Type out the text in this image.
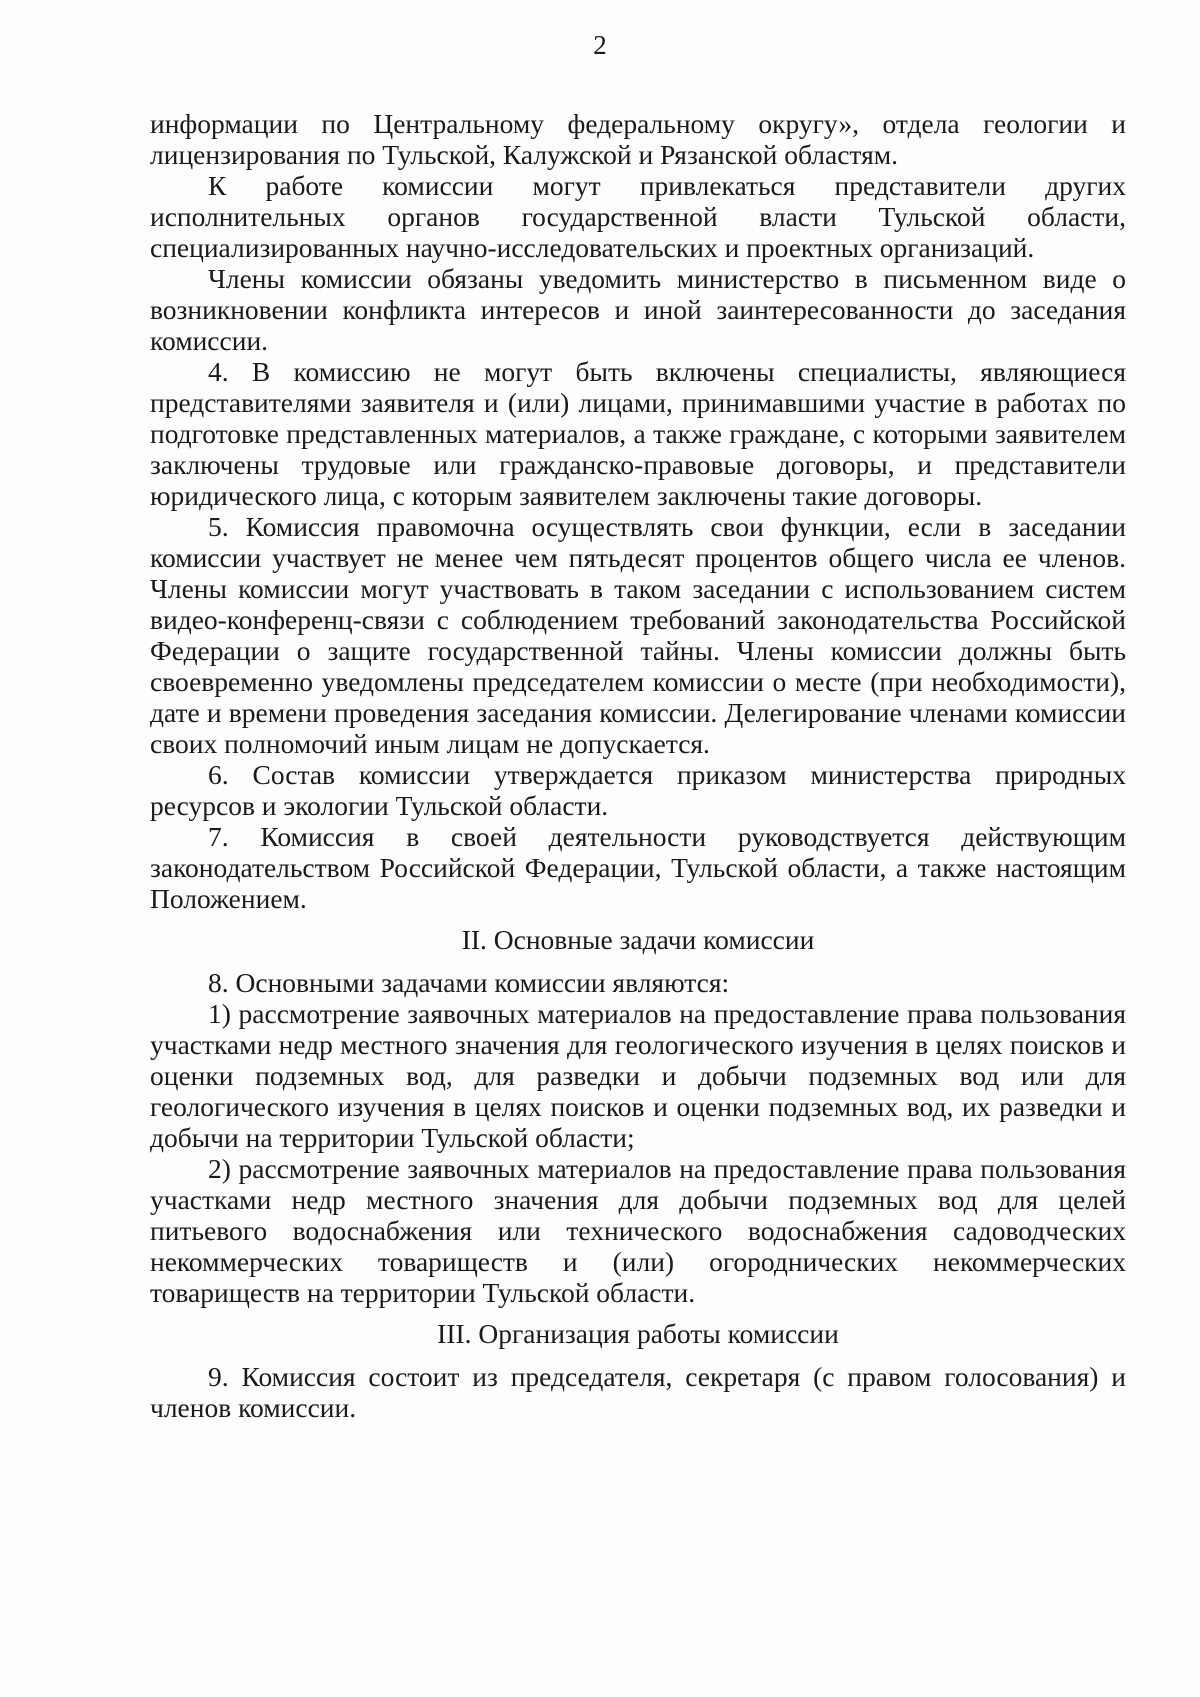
2

информации по Центральному федеральному округу», отдела геологии и лицензирования по Тульской, Калужской и Рязанской областям.

К работе комиссии могут привлекаться представители других исполнительных органов государственной власти Тульской области, специализированных научно-исследовательских и проектных организаций.

Члены комиссии обязаны уведомить министерство в письменном виде о возникновении конфликта интересов и иной заинтересованности до заседания комиссии.

4. В комиссию не могут быть включены специалисты, являющиеся представителями заявителя и (или) лицами, принимавшими участие в работах по подготовке представленных материалов, а также граждане, с которыми заявителем заключены трудовые или гражданско-правовые договоры, и представители юридического лица, с которым заявителем заключены такие договоры.

5. Комиссия правомочна осуществлять свои функции, если в заседании комиссии участвует не менее чем пятьдесят процентов общего числа ее членов. Члены комиссии могут участвовать в таком заседании с использованием систем видео-конференц-связи с соблюдением требований законодательства Российской Федерации о защите государственной тайны. Члены комиссии должны быть своевременно уведомлены председателем комиссии о месте (при необходимости), дате и времени проведения заседания комиссии. Делегирование членами комиссии своих полномочий иным лицам не допускается.

6. Состав комиссии утверждается приказом министерства природных ресурсов и экологии Тульской области.

7. Комиссия в своей деятельности руководствуется действующим законодательством Российской Федерации, Тульской области, а также настоящим Положением.

II. Основные задачи комиссии

8. Основными задачами комиссии являются:

1) рассмотрение заявочных материалов на предоставление права пользования участками недр местного значения для геологического изучения в целях поисков и оценки подземных вод, для разведки и добычи подземных вод или для геологического изучения в целях поисков и оценки подземных вод, их разведки и добычи на территории Тульской области;

2) рассмотрение заявочных материалов на предоставление права пользования участками недр местного значения для добычи подземных вод для целей питьевого водоснабжения или технического водоснабжения садоводческих некоммерческих товариществ и (или) огороднических некоммерческих товариществ на территории Тульской области.

III. Организация работы комиссии

9. Комиссия состоит из председателя, секретаря (с правом голосования) и членов комиссии.
